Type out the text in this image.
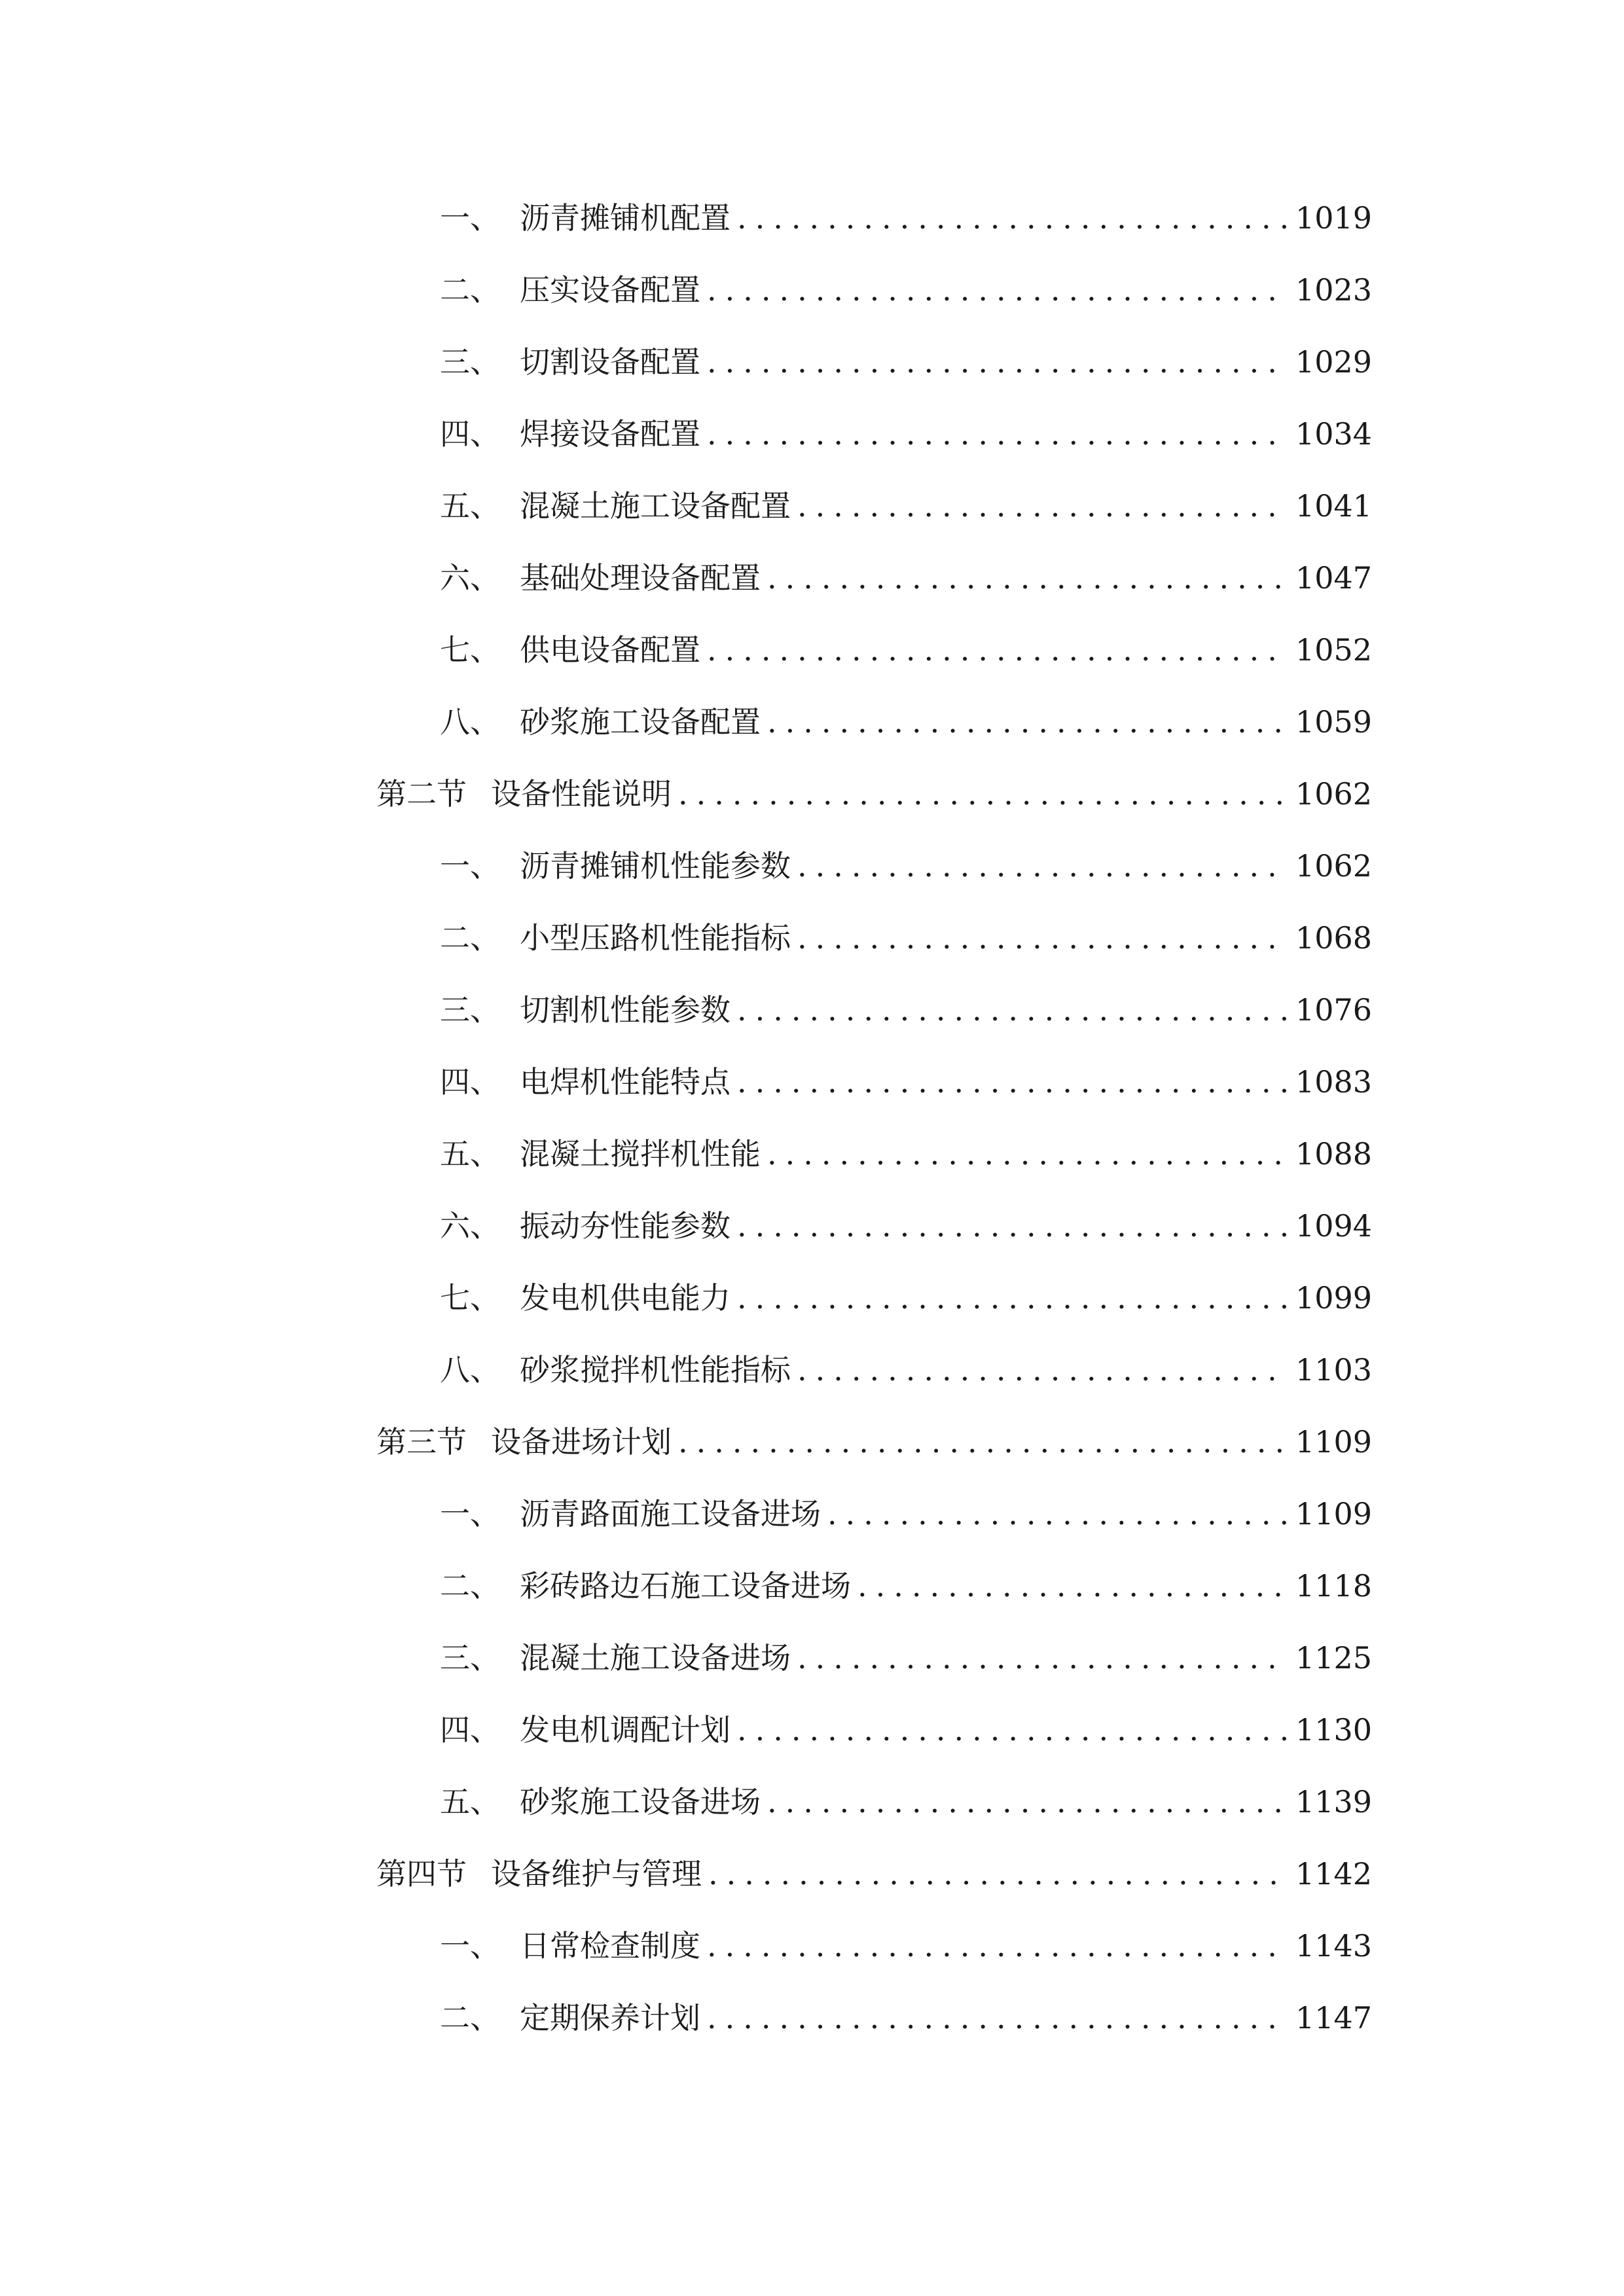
一、 沥青摊铺机配置 .....	1019
二、 压实设备配置 .....	1023
三、 切割设备配置 .....	1029
四、 焊接设备配置 .....	1034
五、 混凝土施工设备配置 .....	1041
六、 基础处理设备配置 .....	1047
七、 供电设备配置 .....	1052
八、 砂浆施工设备配置 .....	1059
第二节 设备性能说明 .....	1062
一、 沥青摊铺机性能参数 .....	1062
二、 小型压路机性能指标 .....	1068
三、 切割机性能参数 .....	1076
四、 电焊机性能特点 .....	1083
五、 混凝土搅拌机性能 .....	1088
六、 振动夯性能参数 .....	1094
七、 发电机供电能力 .....	1099
八、 砂浆搅拌机性能指标 .....	1103
第三节 设备进场计划 .....	1109
一、 沥青路面施工设备进场 .....	1109
二、 彩砖路边石施工设备进场 .....	1118
三、 混凝土施工设备进场 .....	1125
四、 发电机调配计划 .....	1130
五、 砂浆施工设备进场 .....	1139
第四节 设备维护与管理 .....	1142
一、 日常检查制度 .....	1143
二、 定期保养计划 .....	1147
